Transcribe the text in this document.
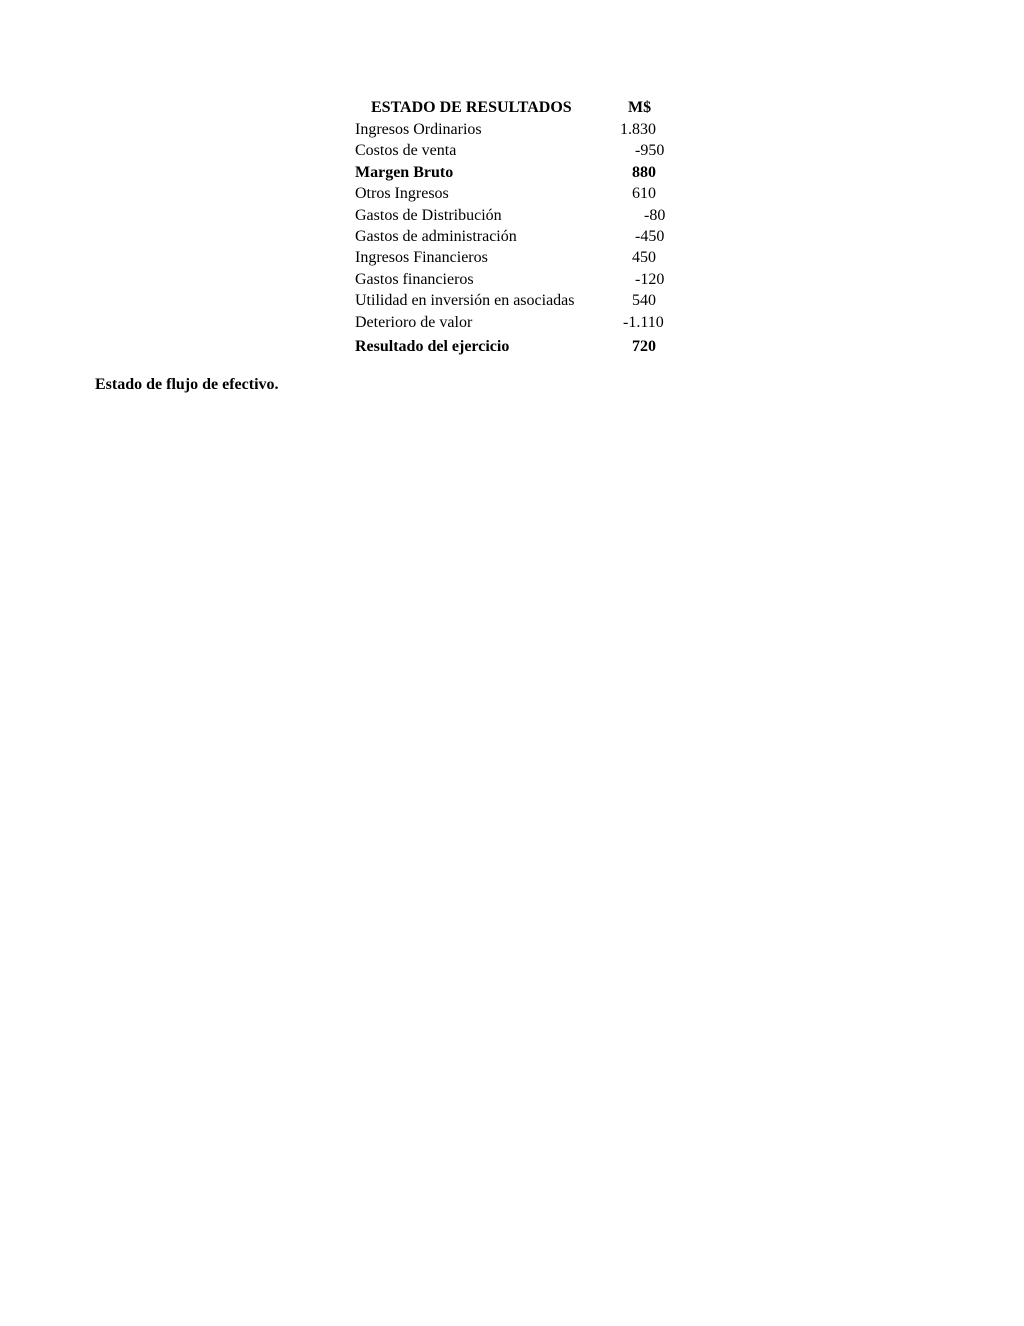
ESTADO DE RESULTADOS	M$
Ingresos Ordinarios	1.830
Costos de venta	-950
Margen Bruto	880
Otros Ingresos	610
Gastos de Distribución	-80
Gastos de administración	-450
Ingresos Financieros	450
Gastos financieros	-120
Utilidad en inversión en asociadas	540
Deterioro de valor	-1.110
Resultado del ejercicio	720
Estado de flujo de efectivo.
